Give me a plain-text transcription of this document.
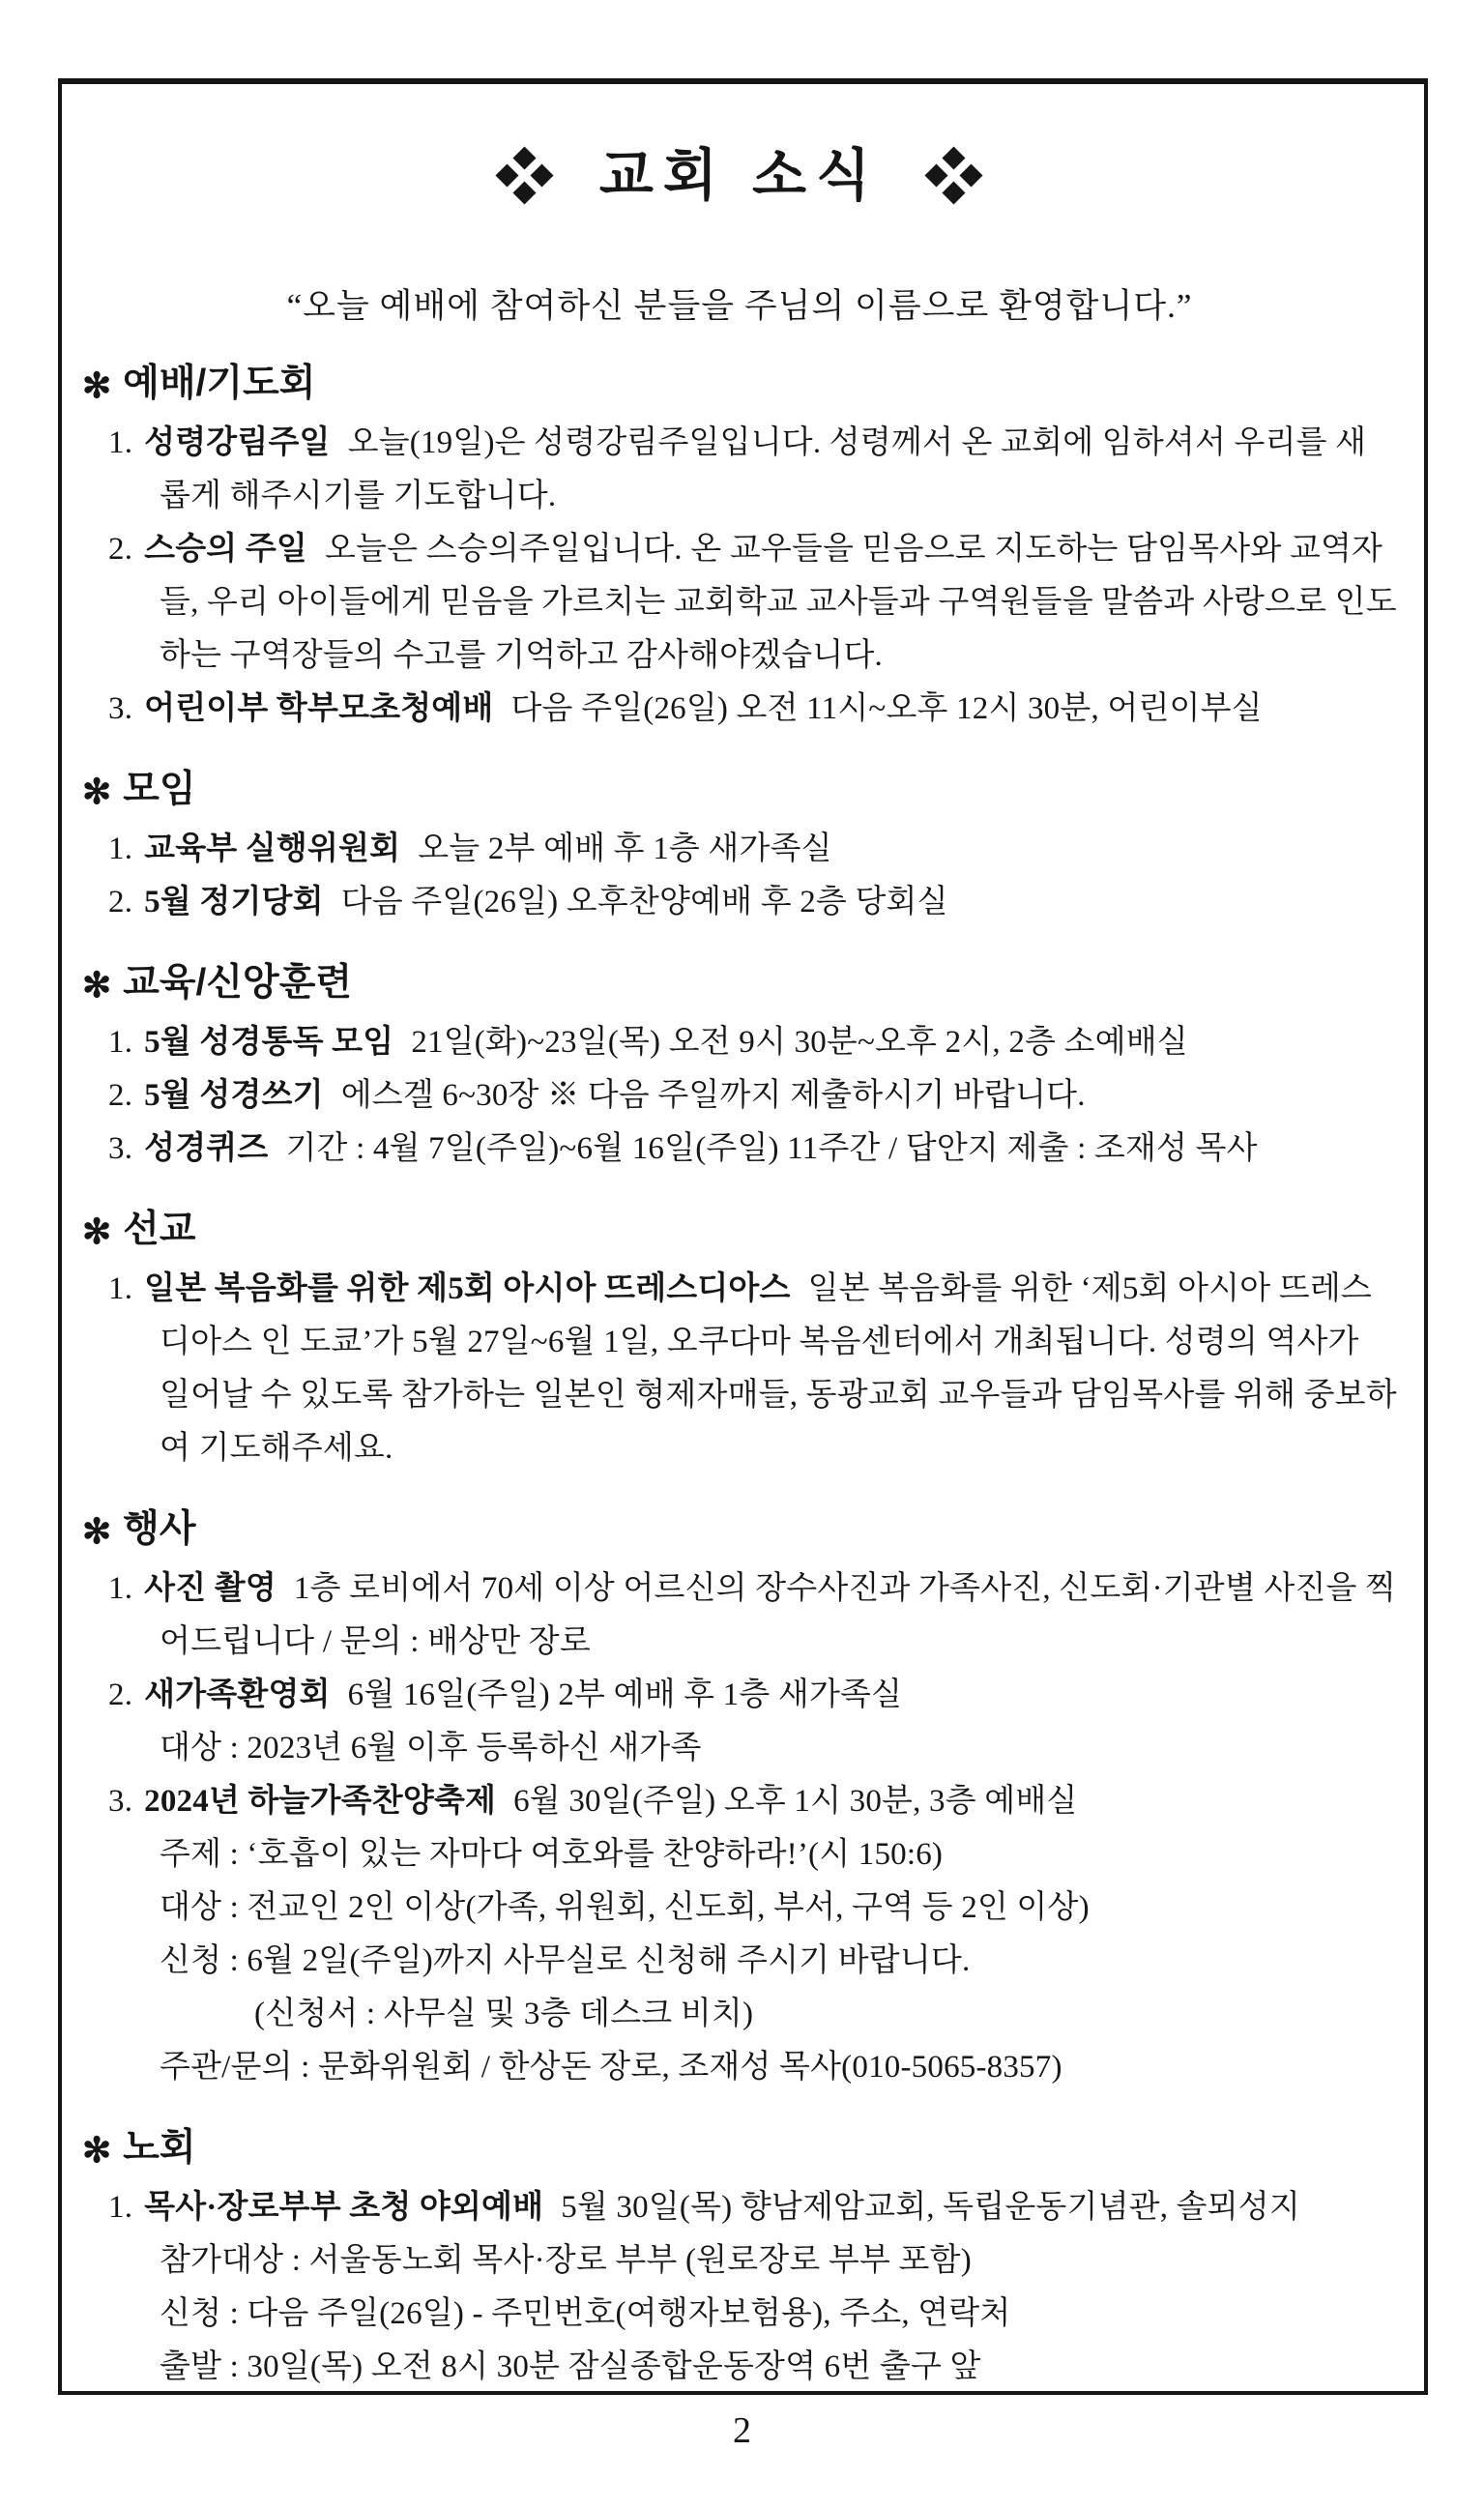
교회 소식
“오늘 예배에 참여하신 분들을 주님의 이름으로 환영합니다.”
✻ 예배/기도회
1. 성령강림주일 오늘(19일)은 성령강림주일입니다. 성령께서 온 교회에 임하셔서 우리를 새롭게 해주시기를 기도합니다.
2. 스승의 주일 오늘은 스승의주일입니다. 온 교우들을 믿음으로 지도하는 담임목사와 교역자들, 우리 아이들에게 믿음을 가르치는 교회학교 교사들과 구역원들을 말씀과 사랑으로 인도하는 구역장들의 수고를 기억하고 감사해야겠습니다.
3. 어린이부 학부모초청예배 다음 주일(26일) 오전 11시~오후 12시 30분, 어린이부실
✻ 모임
1. 교육부 실행위원회 오늘 2부 예배 후 1층 새가족실
2. 5월 정기당회 다음 주일(26일) 오후찬양예배 후 2층 당회실
✻ 교육/신앙훈련
1. 5월 성경통독 모임 21일(화)~23일(목) 오전 9시 30분~오후 2시, 2층 소예배실
2. 5월 성경쓰기 에스겔 6~30장 ※ 다음 주일까지 제출하시기 바랍니다.
3. 성경퀴즈 기간 : 4월 7일(주일)~6월 16일(주일) 11주간 / 답안지 제출 : 조재성 목사
✻ 선교
1. 일본 복음화를 위한 제5회 아시아 뜨레스디아스 일본 복음화를 위한 ‘제5회 아시아 뜨레스디아스 인 도쿄’가 5월 27일~6월 1일, 오쿠다마 복음센터에서 개최됩니다. 성령의 역사가 일어날 수 있도록 참가하는 일본인 형제자매들, 동광교회 교우들과 담임목사를 위해 중보하여 기도해주세요.
✻ 행사
1. 사진 촬영 1층 로비에서 70세 이상 어르신의 장수사진과 가족사진, 신도회·기관별 사진을 찍어드립니다 / 문의 : 배상만 장로
2. 새가족환영회 6월 16일(주일) 2부 예배 후 1층 새가족실
대상 : 2023년 6월 이후 등록하신 새가족
3. 2024년 하늘가족찬양축제 6월 30일(주일) 오후 1시 30분, 3층 예배실
주제 : ‘호흡이 있는 자마다 여호와를 찬양하라!’(시 150:6)
대상 : 전교인 2인 이상(가족, 위원회, 신도회, 부서, 구역 등 2인 이상)
신청 : 6월 2일(주일)까지 사무실로 신청해 주시기 바랍니다.
(신청서 : 사무실 및 3층 데스크 비치)
주관/문의 : 문화위원회 / 한상돈 장로, 조재성 목사(010-5065-8357)
✻ 노회
1. 목사·장로부부 초청 야외예배 5월 30일(목) 향남제암교회, 독립운동기념관, 솔뫼성지
참가대상 : 서울동노회 목사·장로 부부 (원로장로 부부 포함)
신청 : 다음 주일(26일) - 주민번호(여행자보험용), 주소, 연락처
출발 : 30일(목) 오전 8시 30분 잠실종합운동장역 6번 출구 앞
2
